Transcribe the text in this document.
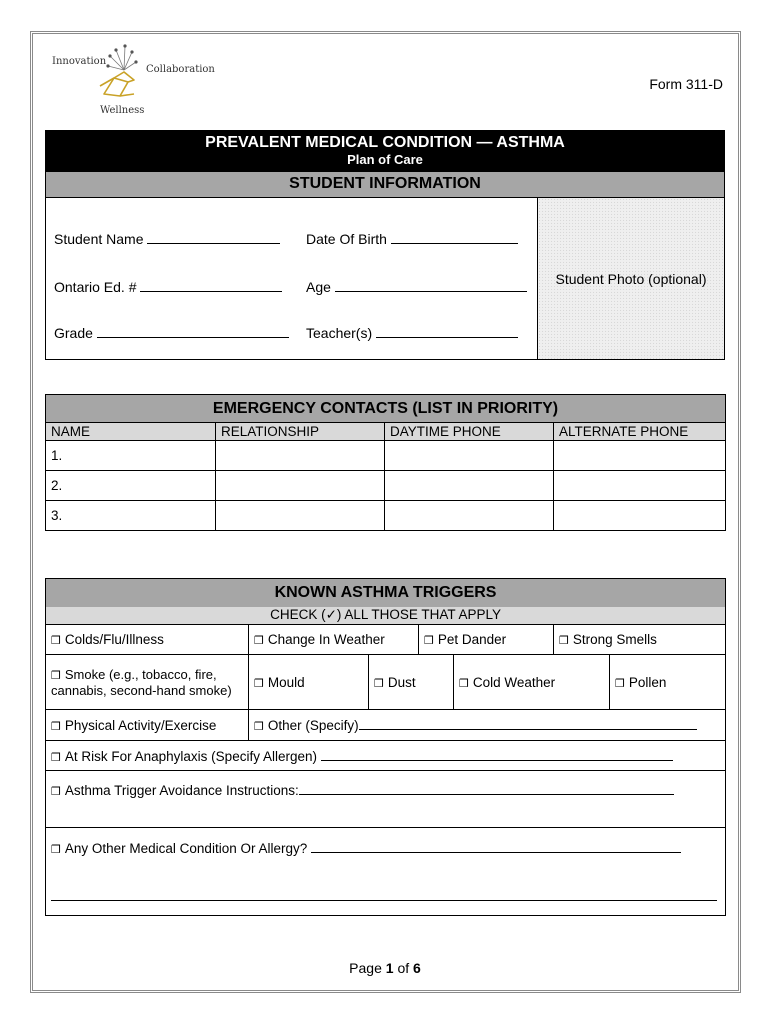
Innovation
Collaboration
Wellness
Form 311-D
PREVALENT MEDICAL CONDITION — ASTHMA
Plan of Care
STUDENT INFORMATION
Student Name	Date Of Birth
Ontario Ed. #	Age
Grade	Teacher(s)
Student Photo (optional)
EMERGENCY CONTACTS (LIST IN PRIORITY)			
NAME	RELATIONSHIP	DAYTIME PHONE	ALTERNATE PHONE
1.			
2.			
3.			
KNOWN ASTHMA TRIGGERS						
CHECK (✓) ALL THOSE THAT APPLY						
❒ Colds/Flu/Illness	❒ Change In Weather		❒ Pet Dander		❒ Strong Smells	
❒ Smoke (e.g., tobacco, fire, cannabis, second-hand smoke)	❒ Mould	❒ Dust		❒ Cold Weather		❒ Pollen
❒ Physical Activity/Exercise	❒ Other (Specify)					
❒ At Risk For Anaphylaxis (Specify Allergen)						
❒ Asthma Trigger Avoidance Instructions:						
❒ Any Other Medical Condition Or Allergy?						
Page 1 of 6
